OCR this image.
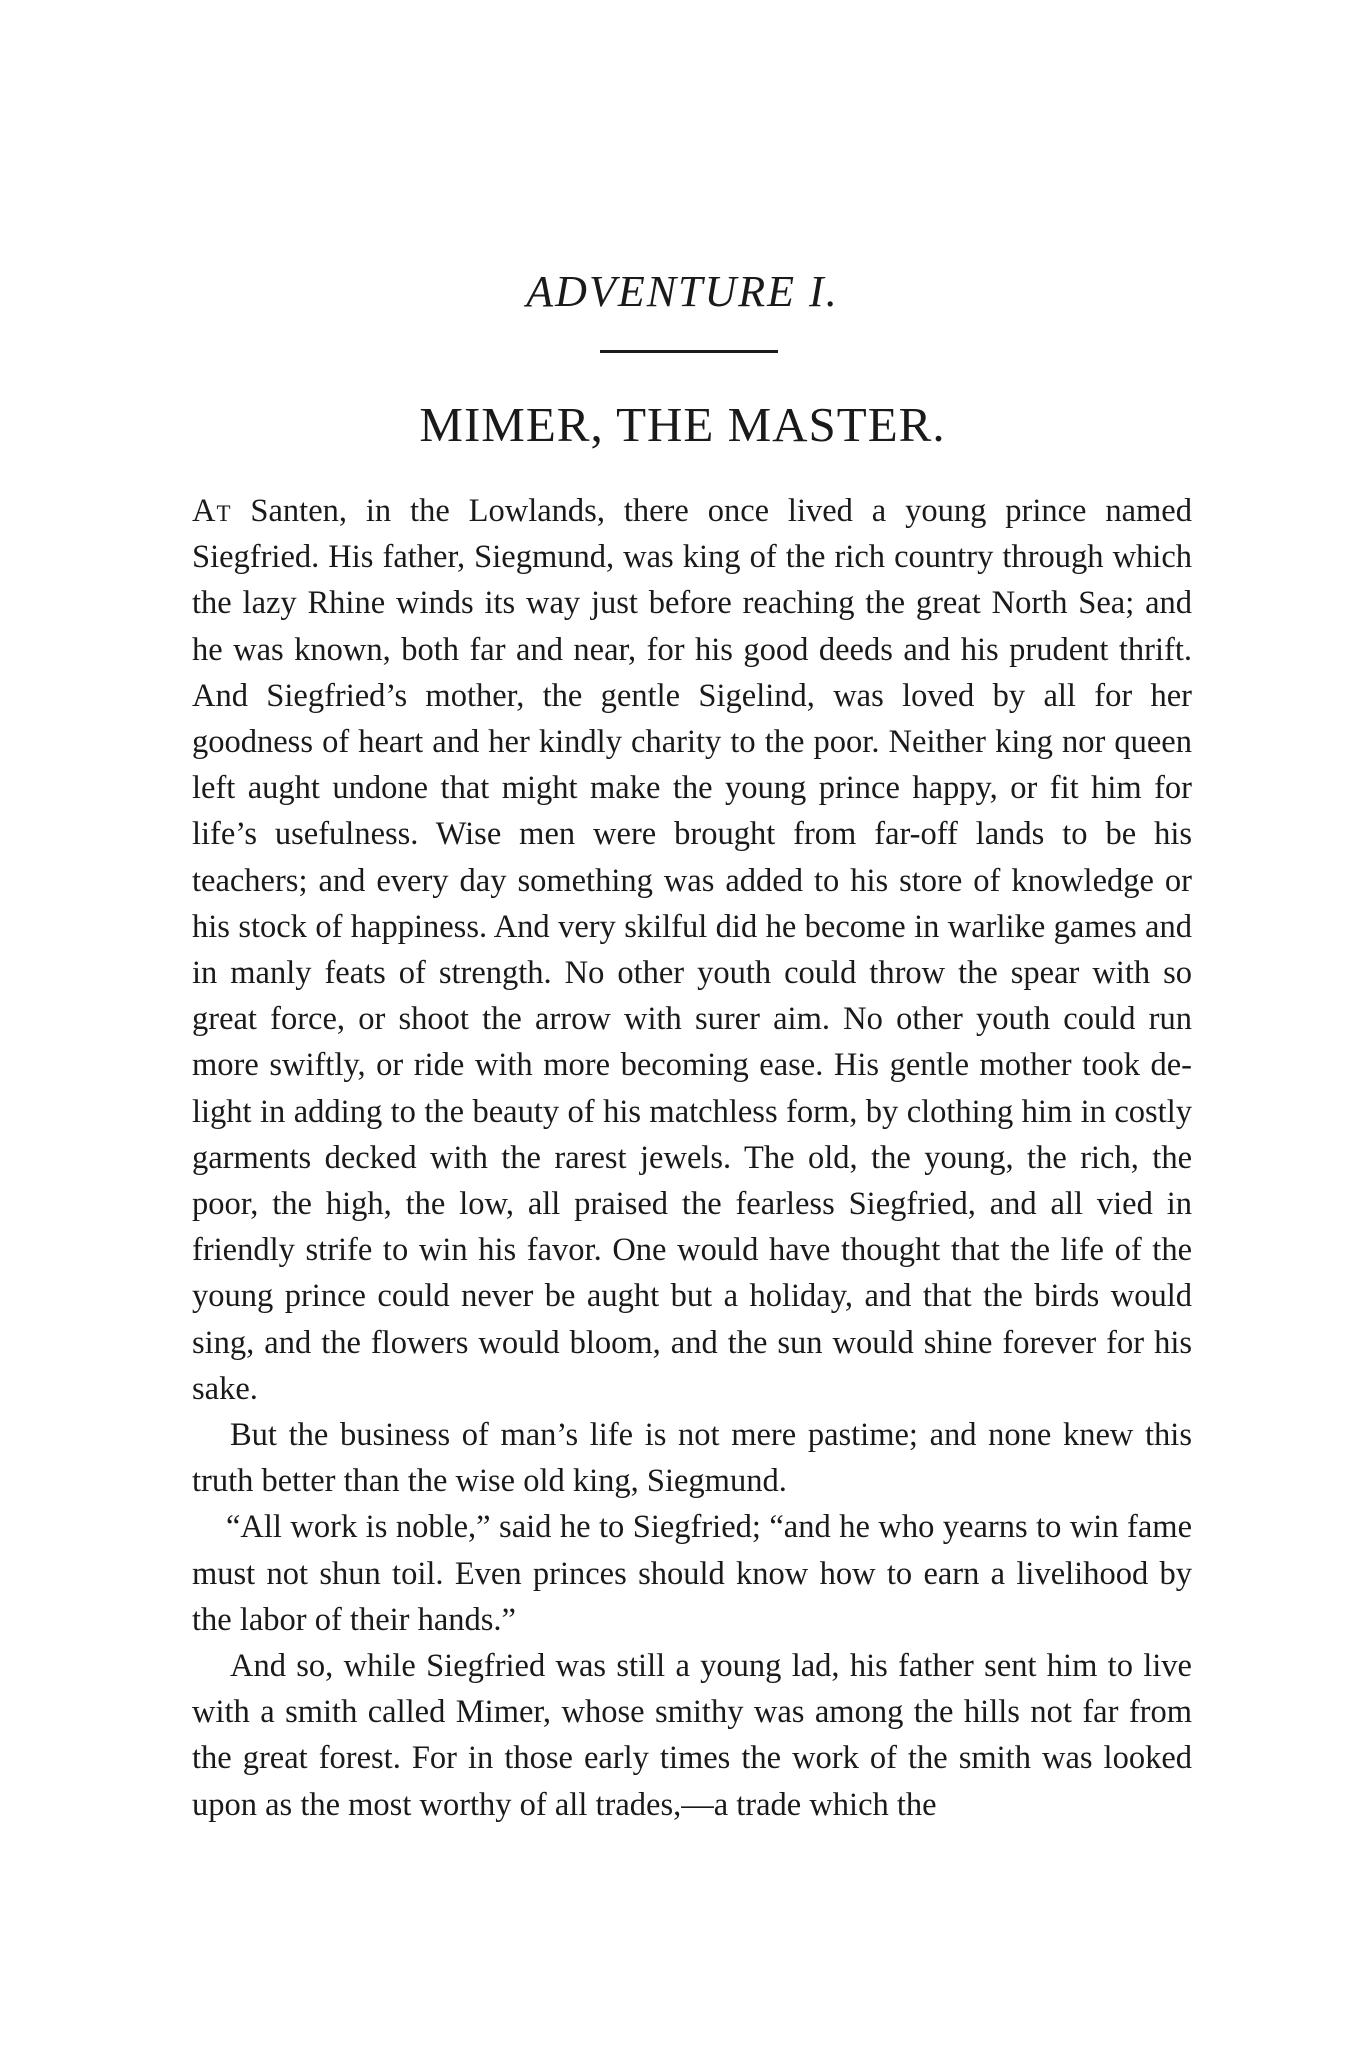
ADVENTURE I.
MIMER, THE MASTER.

At Santen, in the Lowlands, there once lived a young prince named Siegfried. His father, Siegmund, was king of the rich country through which the lazy Rhine winds its way just before reaching the great North Sea; and he was known, both far and near, for his good deeds and his prudent thrift. And Siegfried’s mother, the gentle Sigelind, was loved by all for her goodness of heart and her kindly charity to the poor. Neither king nor queen left aught undone that might make the young prince happy, or fit him for life’s usefulness. Wise men were brought from far-off lands to be his teachers; and every day something was added to his store of knowledge or his stock of happiness. And very skilful did he become in warlike games and in manly feats of strength. No other youth could throw the spear with so great force, or shoot the arrow with surer aim. No other youth could run more swiftly, or ride with more becoming ease. His gentle mother took de-light in adding to the beauty of his matchless form, by clothing him in costly garments decked with the rarest jewels. The old, the young, the rich, the poor, the high, the low, all praised the fearless Siegfried, and all vied in friendly strife to win his favor. One would have thought that the life of the young prince could never be aught but a holiday, and that the birds would sing, and the flowers would bloom, and the sun would shine forever for his sake.

But the business of man’s life is not mere pastime; and none knew this truth better than the wise old king, Siegmund.

“All work is noble,” said he to Siegfried; “and he who yearns to win fame must not shun toil. Even princes should know how to earn a livelihood by the labor of their hands.”

And so, while Siegfried was still a young lad, his father sent him to live with a smith called Mimer, whose smithy was among the hills not far from the great forest. For in those early times the work of the smith was looked upon as the most worthy of all trades,—a trade which the
